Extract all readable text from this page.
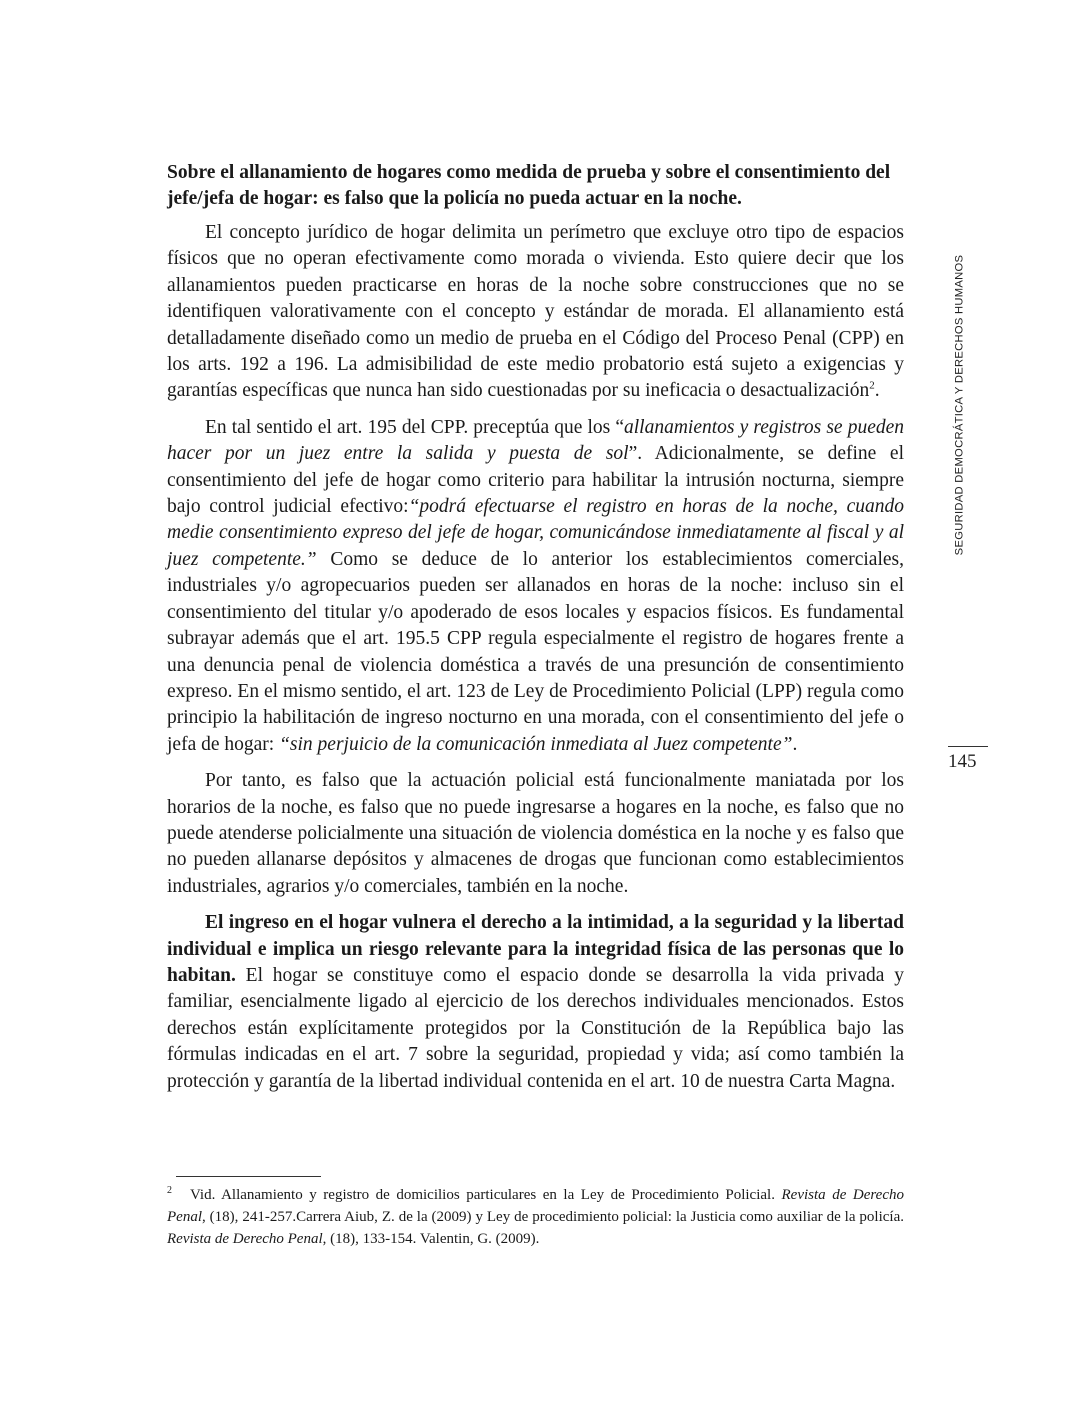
Sobre el allanamiento de hogares como medida de prueba y sobre el consentimiento del jefe/jefa de hogar: es falso que la policía no pueda actuar en la noche.

El concepto jurídico de hogar delimita un perímetro que excluye otro tipo de espacios físicos que no operan efectivamente como morada o vivienda. Esto quiere decir que los allanamientos pueden practicarse en horas de la noche sobre construcciones que no se identifiquen valorativamente con el concepto y estándar de morada. El allanamiento está detalladamente diseñado como un medio de prueba en el Código del Proceso Penal (CPP) en los arts. 192 a 196. La admisibilidad de este medio probatorio está sujeto a exigencias y garantías específicas que nunca han sido cuestionadas por su ineficacia o desactualización$^2$.

En tal sentido el art. 195 del CPP. preceptúa que los “allanamientos y registros se pueden hacer por un juez entre la salida y puesta de sol”. Adicionalmente, se define el consentimiento del jefe de hogar como criterio para habilitar la intrusión nocturna, siempre bajo control judicial efectivo:“podrá efectuarse el registro en horas de la noche, cuando medie consentimiento expreso del jefe de hogar, comunicándose inmediatamente al fiscal y al juez competente.” Como se deduce de lo anterior los establecimientos comerciales, industriales y/o agropecuarios pueden ser allanados en horas de la noche: incluso sin el consentimiento del titular y/o apoderado de esos locales y espacios físicos. Es fundamental subrayar además que el art. 195.5 CPP regula especialmente el registro de hogares frente a una denuncia penal de violencia doméstica a través de una presunción de consentimiento expreso. En el mismo sentido, el art. 123 de Ley de Procedimiento Policial (LPP) regula como principio la habilitación de ingreso nocturno en una morada, con el consentimiento del jefe o jefa de hogar: “sin perjuicio de la comunicación inmediata al Juez competente”.

Por tanto, es falso que la actuación policial está funcionalmente maniatada por los horarios de la noche, es falso que no puede ingresarse a hogares en la noche, es falso que no puede atenderse policialmente una situación de violencia doméstica en la noche y es falso que no pueden allanarse depósitos y almacenes de drogas que funcionan como establecimientos industriales, agrarios y/o comerciales, también en la noche.

El ingreso en el hogar vulnera el derecho a la intimidad, a la seguridad y la libertad individual e implica un riesgo relevante para la integridad física de las personas que lo habitan. El hogar se constituye como el espacio donde se desarrolla la vida privada y familiar, esencialmente ligado al ejercicio de los derechos individuales mencionados. Estos derechos están explícitamente protegidos por la Constitución de la República bajo las fórmulas indicadas en el art. 7 sobre la seguridad, propiedad y vida; así como también la protección y garantía de la libertad individual contenida en el art. 10 de nuestra Carta Magna.

SEGURIDAD DEMOCRÁTICA Y DERECHOS HUMANOS
145
$^2$ Vid. Allanamiento y registro de domicilios particulares en la Ley de Procedimiento Policial. Revista de Derecho Penal, (18), 241-257.Carrera Aiub, Z. de la (2009) y Ley de procedimiento policial: la Justicia como auxiliar de la policía. Revista de Derecho Penal, (18), 133-154. Valentin, G. (2009).
